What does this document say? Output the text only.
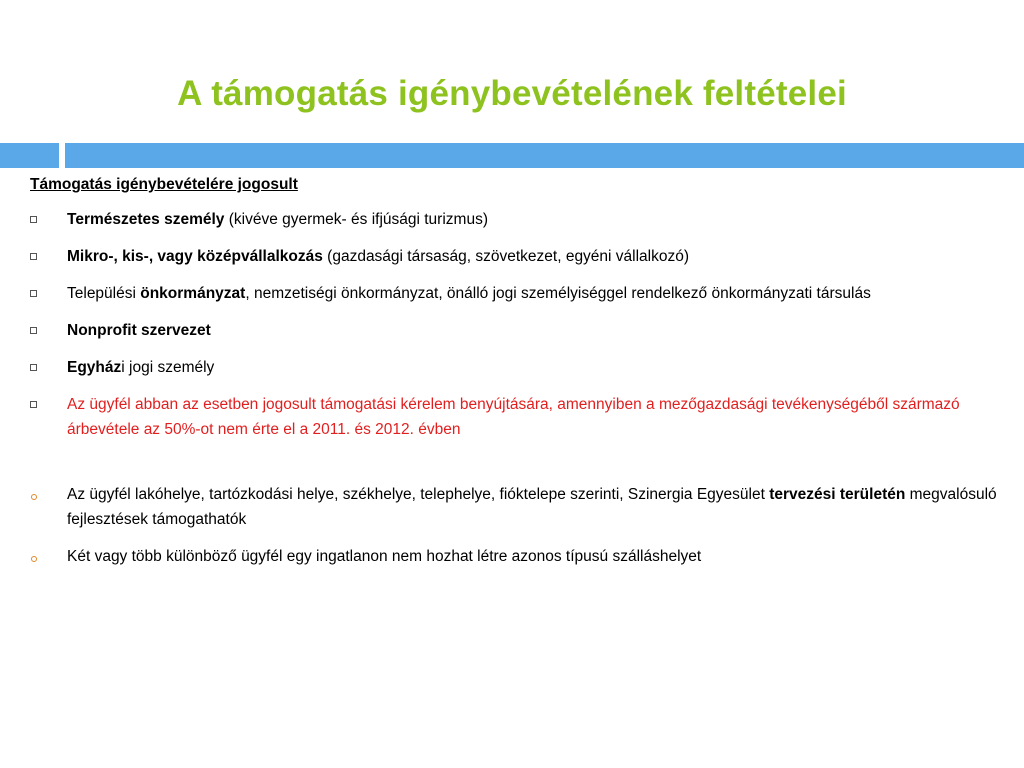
A támogatás igénybevételének feltételei
Támogatás igénybevételére jogosult
Természetes személy (kivéve gyermek- és ifjúsági turizmus)
Mikro-, kis-, vagy középvállalkozás (gazdasági társaság, szövetkezet, egyéni vállalkozó)
Települési önkormányzat, nemzetiségi önkormányzat, önálló jogi személyiséggel rendelkező önkormányzati társulás
Nonprofit szervezet
Egyházi jogi személy
Az ügyfél abban az esetben jogosult támogatási kérelem benyújtására, amennyiben a mezőgazdasági tevékenységéből származó árbevétele az 50%-ot nem érte el a 2011. és 2012. évben
Az ügyfél lakóhelye, tartózkodási helye, székhelye, telephelye, fióktelepe szerinti, Szinergia Egyesület tervezési területén megvalósuló fejlesztések támogathatók
Két vagy több különböző ügyfél egy ingatlanon nem hozhat létre azonos típusú szálláshelyet
